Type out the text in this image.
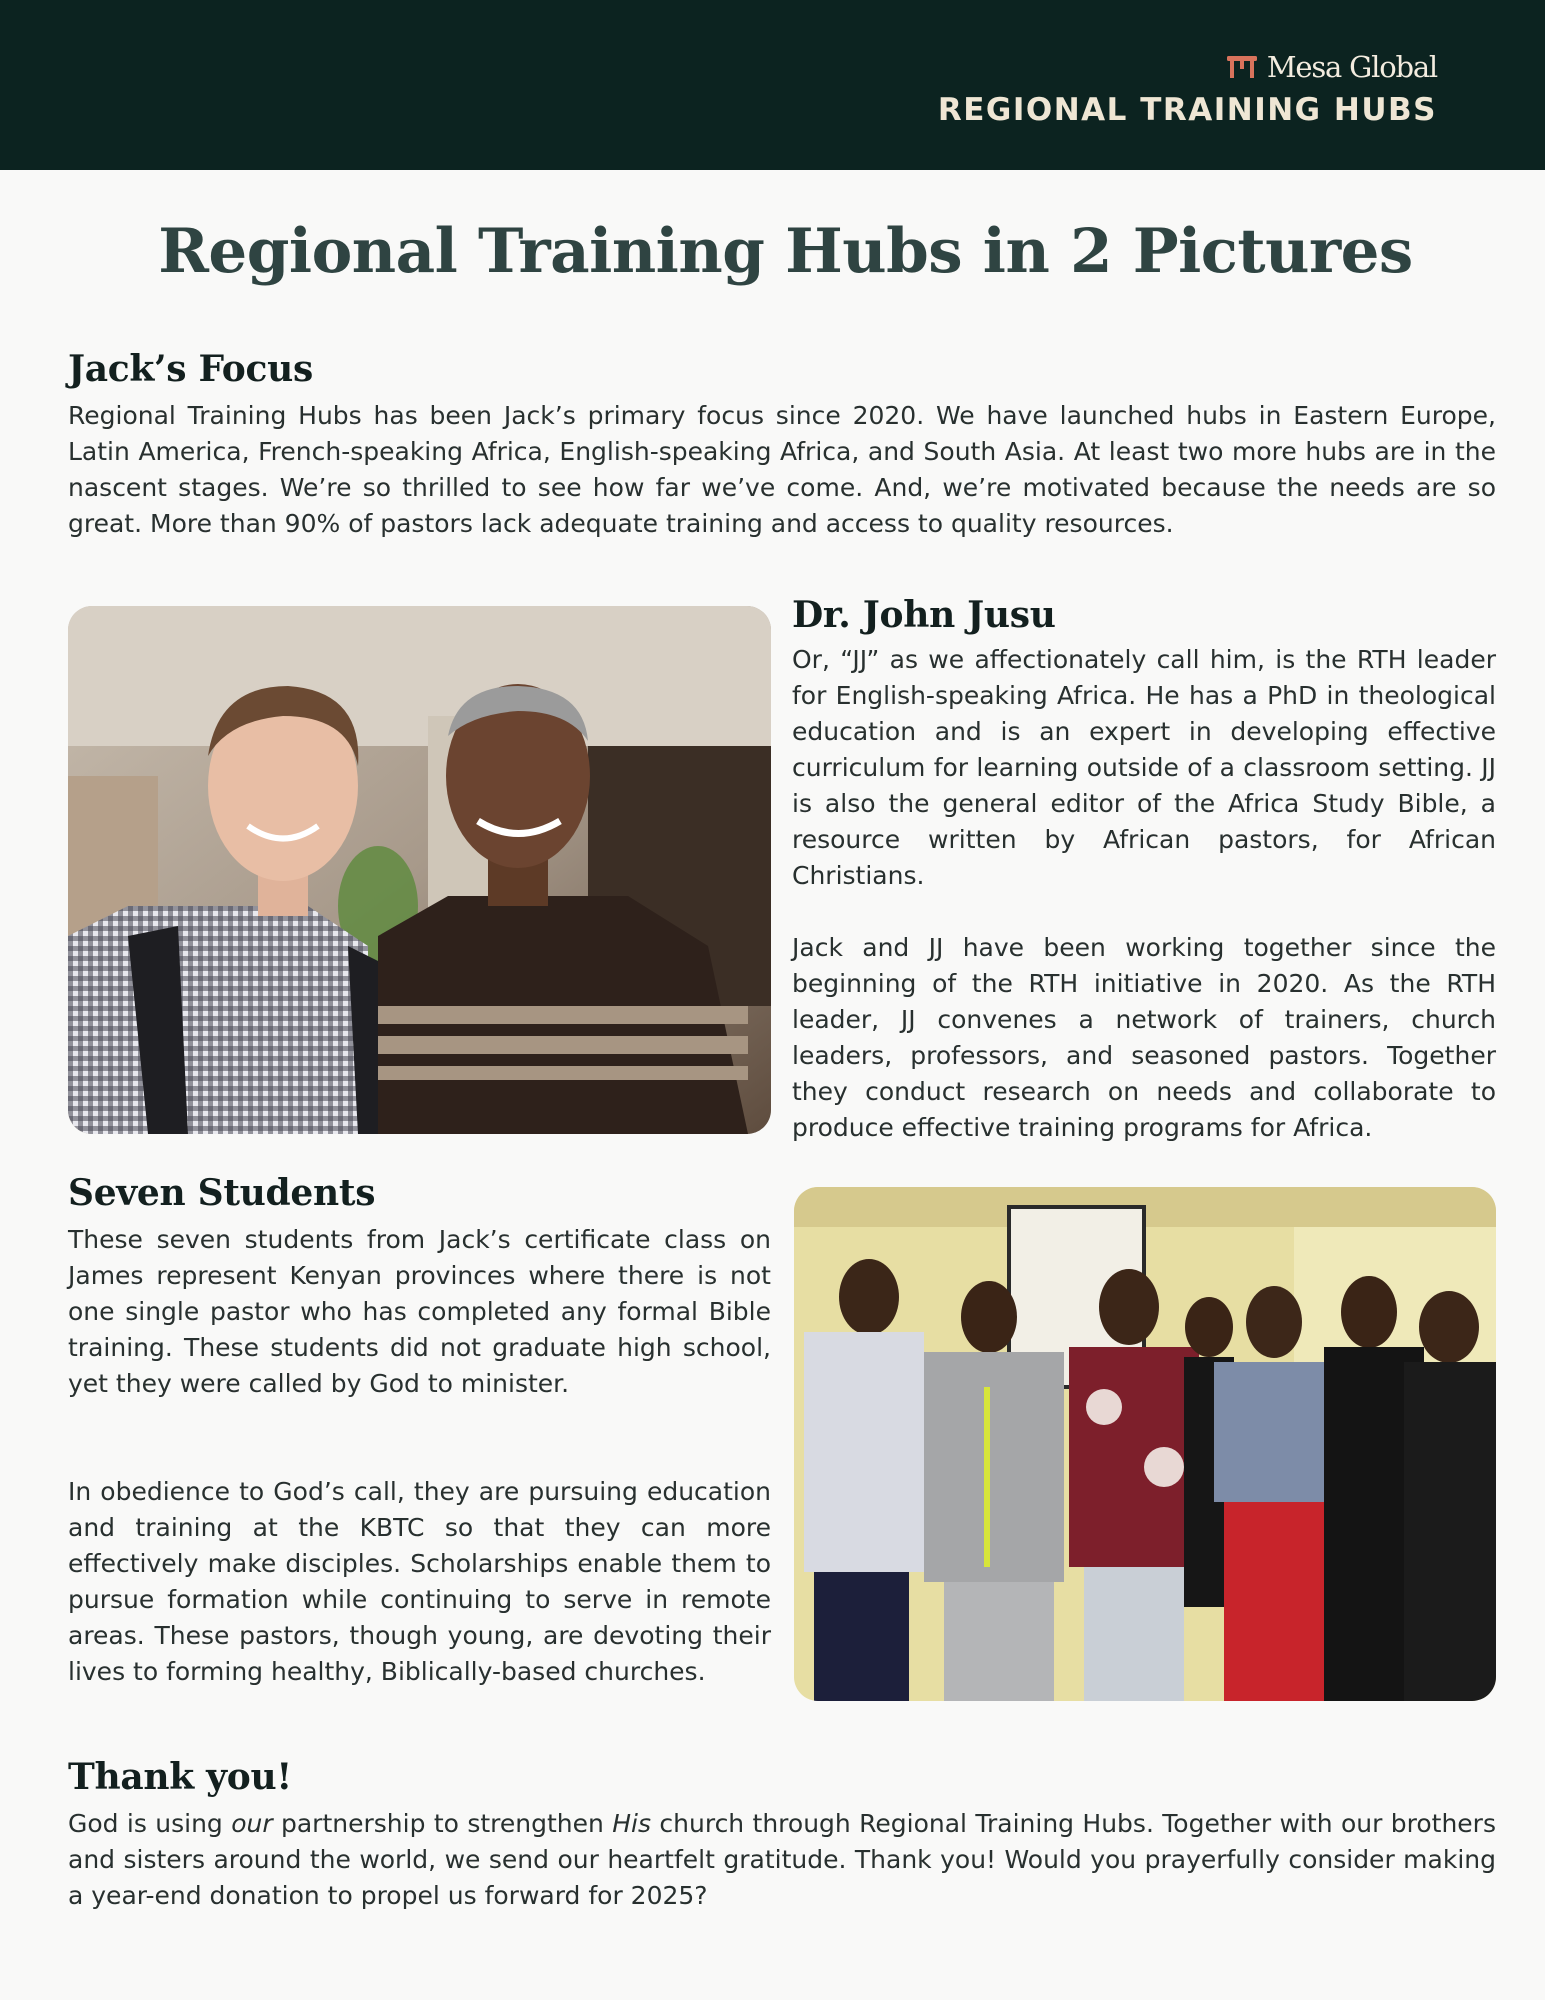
Mesa Global
REGIONAL TRAINING HUBS
Regional Training Hubs in 2 Pictures
Jack’s Focus

Regional Training Hubs has been Jack’s primary focus since 2020. We have launched hubs in Eastern Europe, Latin America, French-speaking Africa, English-speaking Africa, and South Asia. At least two more hubs are in the nascent stages. We’re so thrilled to see how far we’ve come. And, we’re motivated because the needs are so great. More than 90% of pastors lack adequate training and access to quality resources.

Dr. John Jusu

Or, “JJ” as we affectionately call him, is the RTH leader for English-speaking Africa. He has a PhD in theological education and is an expert in developing effective curriculum for learning outside of a classroom setting. JJ is also the general editor of the Africa Study Bible, a resource written by African pastors, for African Christians.

Jack and JJ have been working together since the beginning of the RTH initiative in 2020. As the RTH leader, JJ convenes a network of trainers, church leaders, professors, and seasoned pastors. Together they conduct research on needs and collaborate to produce effective training programs for Africa.

Seven Students

These seven students from Jack’s certificate class on James represent Kenyan provinces where there is not one single pastor who has completed any formal Bible training. These students did not graduate high school, yet they were called by God to minister.

In obedience to God’s call, they are pursuing education and training at the KBTC so that they can more effectively make disciples. Scholarships enable them to pursue formation while continuing to serve in remote areas. These pastors, though young, are devoting their lives to forming healthy, Biblically-based churches.

Thank you!

God is using our partnership to strengthen His church through Regional Training Hubs. Together with our brothers and sisters around the world, we send our heartfelt gratitude. Thank you! Would you prayerfully consider making a year-end donation to propel us forward for 2025?
